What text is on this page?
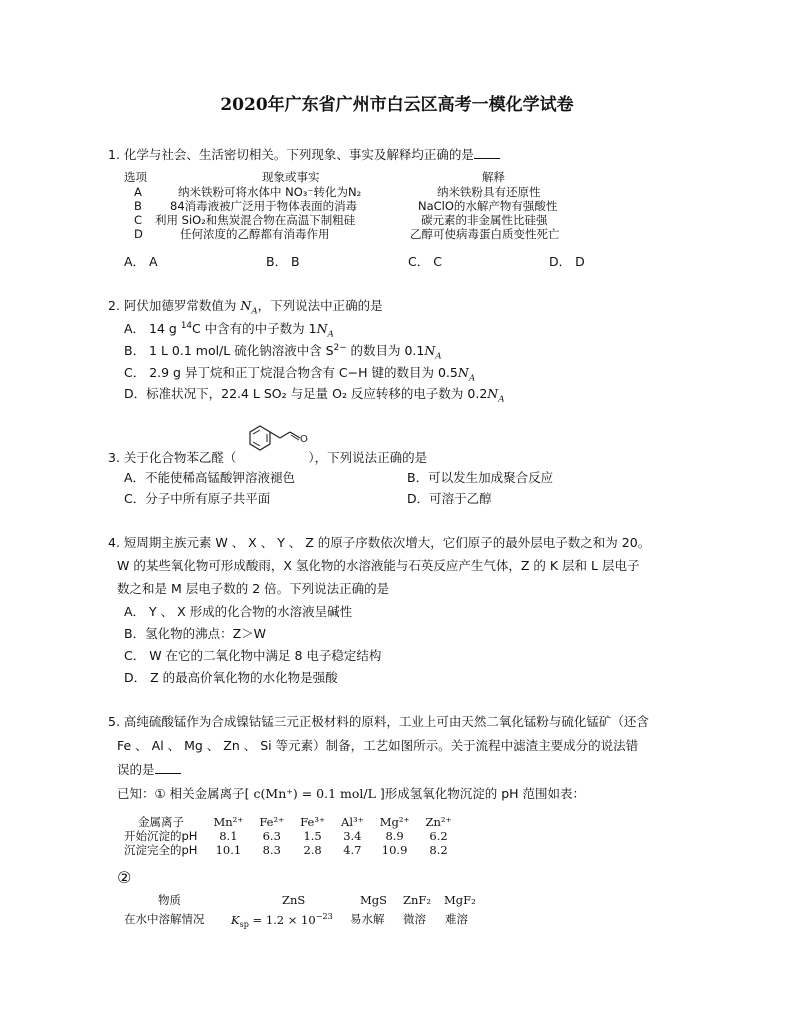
2020年广东省广州市白云区高考一模化学试卷
1. 化学与社会、生活密切相关。下列现象、事实及解释均正确的是
选项	现象或事实	解释
A	纳米铁粉可将水体中 NO₃⁻转化为N₂	纳米铁粉具有还原性
B 84消毒液被广泛用于物体表面的消毒	NaClO的水解产物有强酸性
C 利用 SiO₂和焦炭混合物在高温下制粗硅	碳元素的非金属性比硅强
D	任何浓度的乙醇都有消毒作用	乙醇可使病毒蛋白质变性死亡
A． A	B． B	C． C	D． D
2. 阿伏加德罗常数值为 $N_A$，下列说法中正确的是
A． 14 g $^{14}$C 中含有的中子数为 $1N_A$
B． 1 L 0.1 mol/L 硫化钠溶液中含 $S^{2-}$ 的数目为 $0.1N_A$
C． 2.9 g 异丁烷和正丁烷混合物含有 C−H 键的数目为 $0.5N_A$
D．标准状况下，22.4 L SO₂ 与足量 O₂ 反应转移的电子数为 $0.2N_A$
3. 关于化合物苯乙醛（	），下列说法正确的是
O
A．不能使稀高锰酸钾溶液褪色	B．可以发生加成聚合反应
C．分子中所有原子共平面	D．可溶于乙醇
4. 短周期主族元素 W 、 X 、 Y 、 Z 的原子序数依次增大，它们原子的最外层电子数之和为 20。
W 的某些氧化物可形成酸雨，X 氢化物的水溶液能与石英反应产生气体，Z 的 K 层和 L 层电子
数之和是 M 层电子数的 2 倍。下列说法正确的是
A． Y 、 X 形成的化合物的水溶液呈碱性
B．氢化物的沸点：Z＞W
C． W 在它的二氧化物中满足 8 电子稳定结构
D． Z 的最高价氧化物的水化物是强酸
5. 高纯硫酸锰作为合成镍钴锰三元正极材料的原料，工业上可由天然二氧化锰粉与硫化锰矿（还含
Fe 、 Al 、 Mg 、 Zn 、 Si 等元素）制备，工艺如图所示。关于流程中滤渣主要成分的说法错
误的是
已知：① 相关金属离子[ c(Mn⁺) = 0.1 mol/L ]形成氢氧化物沉淀的 pH 范围如表：
金属离子	Mn²⁺	Fe²⁺	Fe³⁺	Al³⁺	Mg²⁺	Zn²⁺
开始沉淀的pH	8.1	6.3	1.5	3.4	8.9	6.2
沉淀完全的pH	10.1	8.3	2.8	4.7	10.9	8.2
②
物质	ZnS	MgS ZnF₂ MgF₂
在水中溶解情况 $K_{sp} = 1.2 \times 10^{-23}$ 易水解 微溶 难溶
